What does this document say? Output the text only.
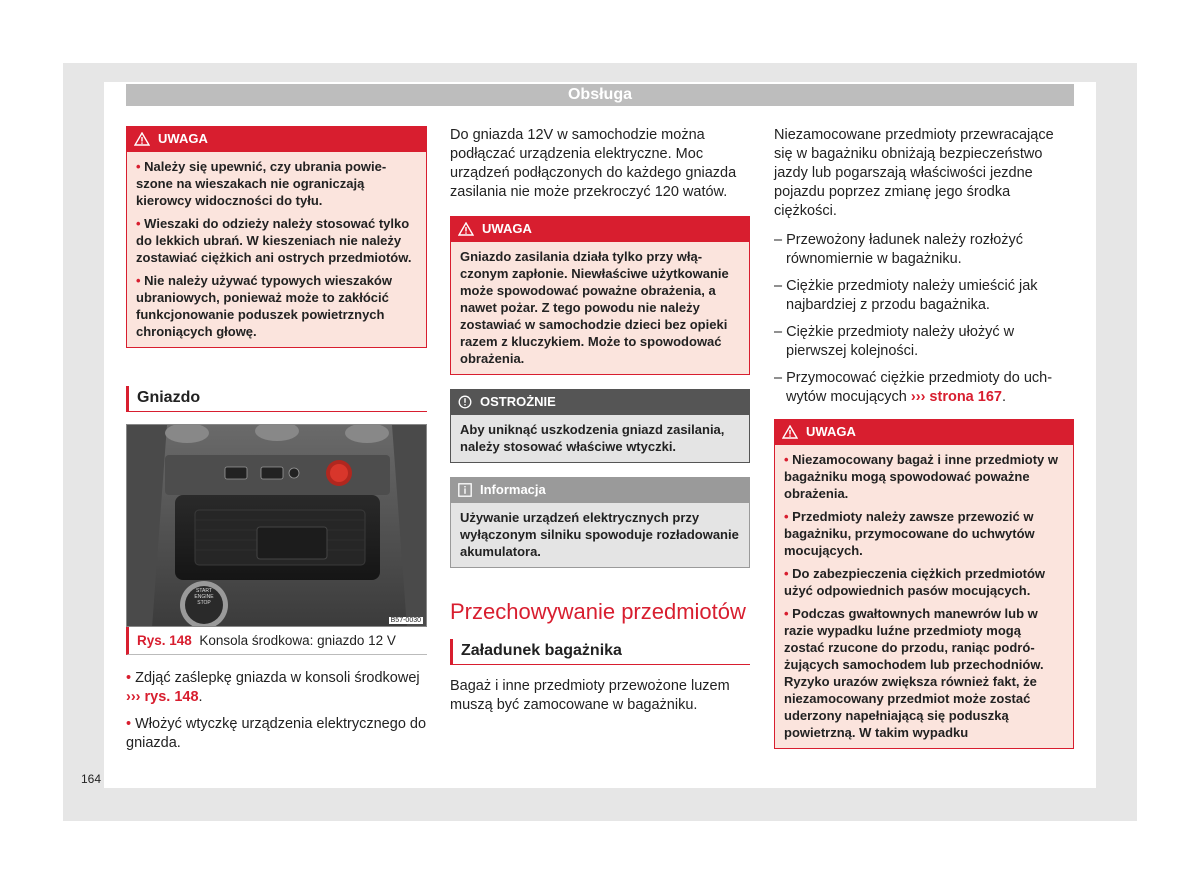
Obsługa
UWAGA
• Należy się upewnić, czy ubrania powieszone na wieszakach nie ograniczają kierowcy widoczności do tyłu.
• Wieszaki do odzieży należy stosować tylko do lekkich ubrań. W kieszeniach nie należy zostawiać ciężkich ani ostrych przedmiotów.
• Nie należy używać typowych wieszaków ubraniowych, ponieważ może to zakłócić funkcjonowanie poduszek powietrznych chroniących głowę.
Gniazdo
START
ENGINE
STOP
B57-0030
Rys. 148 Konsola środkowa: gniazdo 12 V

• Zdjąć zaślepkę gniazda w konsoli środkowej ››› rys. 148.

• Włożyć wtyczkę urządzenia elektrycznego do gniazda.

Do gniazda 12V w samochodzie można podłączać urządzenia elektryczne. Moc urządzeń podłączonych do każdego gniazda zasilania nie może przekroczyć 120 watów.

UWAGA
Gniazdo zasilania działa tylko przy włączonym zapłonie. Niewłaściwe użytkowanie może spowodować poważne obrażenia, a nawet pożar. Z tego powodu nie należy zostawiać w samochodzie dzieci bez opieki razem z kluczykiem. Może to spowodować obrażenia.
OSTROŻNIE
Aby uniknąć uszkodzenia gniazd zasilania, należy stosować właściwe wtyczki.
Informacja
Używanie urządzeń elektrycznych przy wyłączonym silniku spowoduje rozładowanie akumulatora.
Przechowywanie przedmiotów
Załadunek bagażnika

Bagaż i inne przedmioty przewożone luzem muszą być zamocowane w bagażniku.

Niezamocowane przedmioty przewracające się w bagażniku obniżają bezpieczeństwo jazdy lub pogarszają właściwości jezdne pojazdu poprzez zmianę jego środka ciężkości.

– Przewożony ładunek należy rozłożyć równomiernie w bagażniku.
– Ciężkie przedmioty należy umieścić jak najbardziej z przodu bagażnika.
– Ciężkie przedmioty należy ułożyć w pierwszej kolejności.
– Przymocować ciężkie przedmioty do uchwytów mocujących ››› strona 167.
UWAGA
• Niezamocowany bagaż i inne przedmioty w bagażniku mogą spowodować poważne obrażenia.
• Przedmioty należy zawsze przewozić w bagażniku, przymocowane do uchwytów mocujących.
• Do zabezpieczenia ciężkich przedmiotów użyć odpowiednich pasów mocujących.
• Podczas gwałtownych manewrów lub w razie wypadku luźne przedmioty mogą zostać rzucone do przodu, raniąc podróżujących samochodem lub przechodniów. Ryzyko urazów zwiększa również fakt, że niezamocowany przedmiot może zostać uderzony napełniającą się poduszką powietrzną. W takim wypadku
164
